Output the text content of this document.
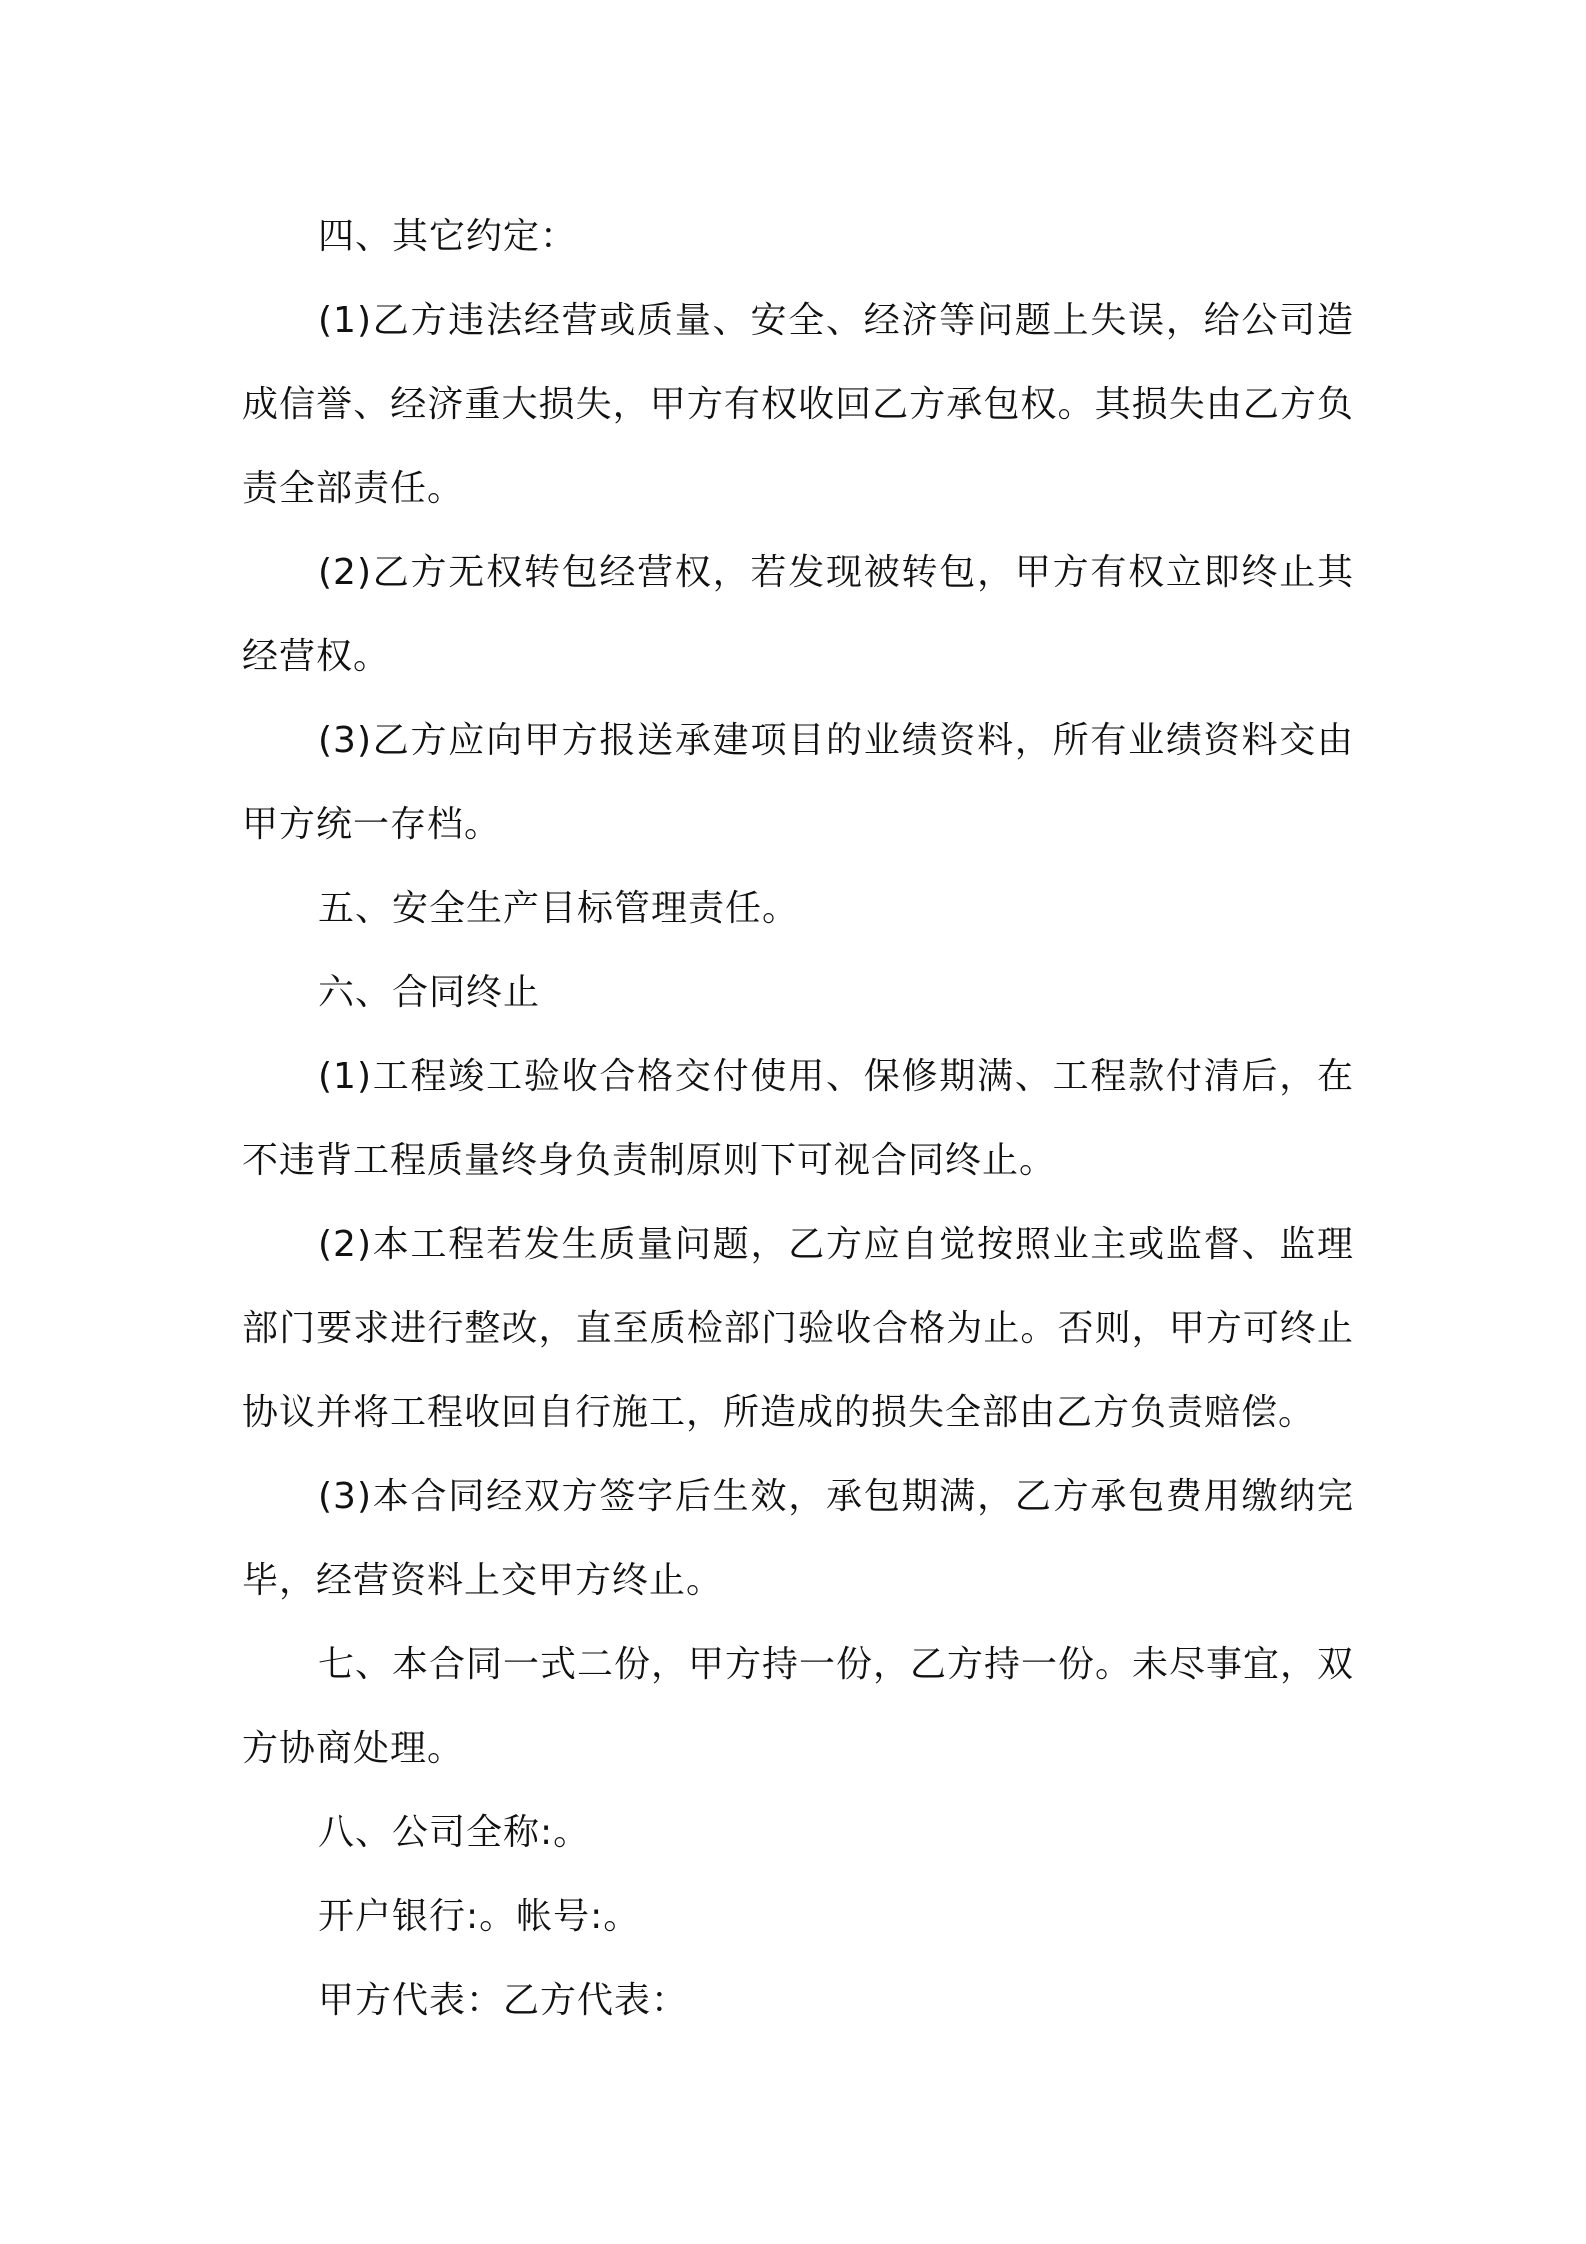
四、其它约定：

(1)乙方违法经营或质量、安全、经济等问题上失误，给公司造成信誉、经济重大损失，甲方有权收回乙方承包权。其损失由乙方负责全部责任。

(2)乙方无权转包经营权，若发现被转包，甲方有权立即终止其经营权。

(3)乙方应向甲方报送承建项目的业绩资料，所有业绩资料交由甲方统一存档。

五、安全生产目标管理责任。

六、合同终止

(1)工程竣工验收合格交付使用、保修期满、工程款付清后，在不违背工程质量终身负责制原则下可视合同终止。

(2)本工程若发生质量问题，乙方应自觉按照业主或监督、监理部门要求进行整改，直至质检部门验收合格为止。否则，甲方可终止协议并将工程收回自行施工，所造成的损失全部由乙方负责赔偿。

(3)本合同经双方签字后生效，承包期满，乙方承包费用缴纳完毕，经营资料上交甲方终止。

七、本合同一式二份，甲方持一份，乙方持一份。未尽事宜，双方协商处理。

八、公司全称:。

开户银行:。帐号:。

甲方代表：乙方代表：
